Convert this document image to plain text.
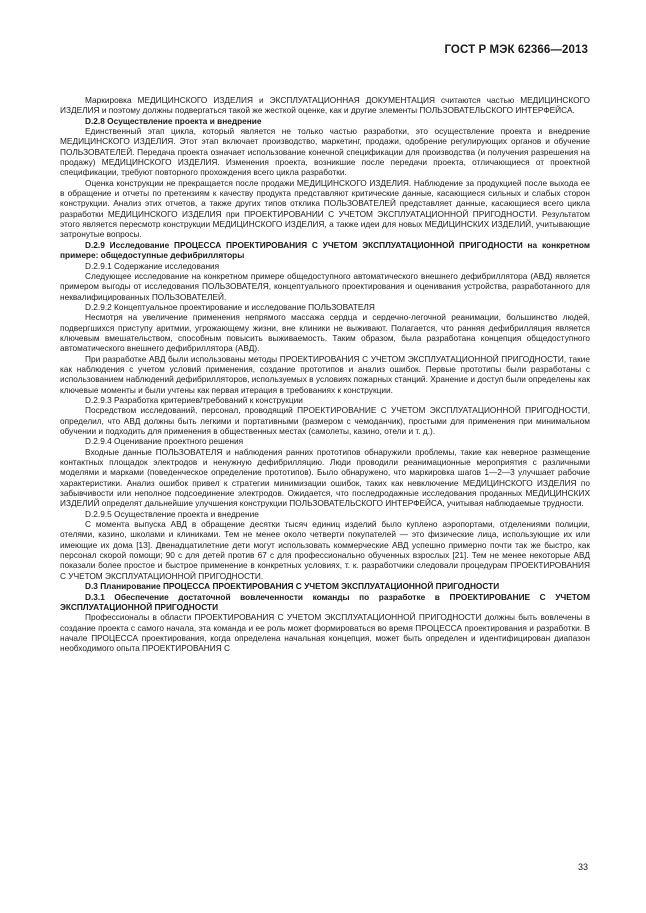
ГОСТ Р МЭК 62366—2013

Маркировка МЕДИЦИНСКОГО ИЗДЕЛИЯ и ЭКСПЛУАТАЦИОННАЯ ДОКУМЕНТАЦИЯ считаются частью МЕДИЦИНСКОГО ИЗДЕЛИЯ и поэтому должны подвергаться такой же жесткой оценке, как и другие элементы ПОЛЬЗОВАТЕЛЬСКОГО ИНТЕРФЕЙСА.

D.2.8 Осуществление проекта и внедрение

Единственный этап цикла, который является не только частью разработки, это осуществление проекта и внедрение МЕДИЦИНСКОГО ИЗДЕЛИЯ. Этот этап включает производство, маркетинг, продажи, одобрение регулирующих органов и обучение ПОЛЬЗОВАТЕЛЕЙ. Передача проекта означает использование конечной спецификации для производства (и получения разрешения на продажу) МЕДИЦИНСКОГО ИЗДЕЛИЯ. Изменения проекта, возникшие после передачи проекта, отличающиеся от проектной спецификации, требуют повторного прохождения всего цикла разработки.

Оценка конструкции не прекращается после продажи МЕДИЦИНСКОГО ИЗДЕЛИЯ. Наблюдение за продукцией после выхода ее в обращение и отчеты по претензиям к качеству продукта представляют критические данные, касающиеся сильных и слабых сторон конструкции. Анализ этих отчетов, а также других типов отклика ПОЛЬЗОВАТЕЛЕЙ представляет данные, касающиеся всего цикла разработки МЕДИЦИНСКОГО ИЗДЕЛИЯ при ПРОЕКТИРОВАНИИ С УЧЕТОМ ЭКСПЛУАТАЦИОННОЙ ПРИГОДНОСТИ. Результатом этого является пересмотр конструкции МЕДИЦИНСКОГО ИЗДЕЛИЯ, а также идеи для новых МЕДИЦИНСКИХ ИЗДЕЛИЙ, учитывающие затронутые вопросы.

D.2.9 Исследование ПРОЦЕССА ПРОЕКТИРОВАНИЯ С УЧЕТОМ ЭКСПЛУАТАЦИОННОЙ ПРИГОДНОСТИ на конкретном примере: общедоступные дефибрилляторы

D.2.9.1 Содержание исследования

Следующее исследование на конкретном примере общедоступного автоматического внешнего дефибриллятора (АВД) является примером выгоды от исследования ПОЛЬЗОВАТЕЛЯ, концептуального проектирования и оценивания устройства, разработанного для неквалифицированных ПОЛЬЗОВАТЕЛЕЙ.

D.2.9.2 Концептуальное проектирование и исследование ПОЛЬЗОВАТЕЛЯ

Несмотря на увеличение применения непрямого массажа сердца и сердечно-легочной реанимации, большинство людей, подвергшихся приступу аритмии, угрожающему жизни, вне клиники не выживают. Полагается, что ранняя дефибрилляция является ключевым вмешательством, способным повысить выживаемость. Таким образом, была разработана концепция общедоступного автоматического внешнего дефибриллятора (АВД).

При разработке АВД были использованы методы ПРОЕКТИРОВАНИЯ С УЧЕТОМ ЭКСПЛУАТАЦИОННОЙ ПРИГОДНОСТИ, такие как наблюдения с учетом условий применения, создание прототипов и анализ ошибок. Первые прототипы были разработаны с использованием наблюдений дефибрилляторов, используемых в условиях пожарных станций. Хранение и доступ были определены как ключевые моменты и были учтены как первая итерация в требованиях к конструкции.

D.2.9.3 Разработка критериев/требований к конструкции

Посредством исследований, персонал, проводящий ПРОЕКТИРОВАНИЕ С УЧЕТОМ ЭКСПЛУАТАЦИОННОЙ ПРИГОДНОСТИ, определил, что АВД должны быть легкими и портативными (размером с чемоданчик), простыми для применения при минимальном обучении и подходить для применения в общественных местах (самолеты, казино, отели и т. д.).

D.2.9.4 Оценивание проектного решения

Входные данные ПОЛЬЗОВАТЕЛЯ и наблюдения ранних прототипов обнаружили проблемы, такие как неверное размещение контактных площадок электродов и ненужную дефибрилляцию. Люди проводили реанимационные мероприятия с различными моделями и марками (поведенческое определение прототипов). Было обнаружено, что маркировка шагов 1—2—3 улучшает рабочие характеристики. Анализ ошибок привел к стратегии минимизации ошибок, таких как невключение МЕДИЦИНСКОГО ИЗДЕЛИЯ по забывчивости или неполное подсоединение электродов. Ожидается, что последродажные исследования проданных МЕДИЦИНСКИХ ИЗДЕЛИЙ определят дальнейшие улучшения конструкции ПОЛЬЗОВАТЕЛЬСКОГО ИНТЕРФЕЙСА, учитывая наблюдаемые трудности.

D.2.9.5 Осуществление проекта и внедрение

С момента выпуска АВД в обращение десятки тысяч единиц изделий было куплено аэропортами, отделениями полиции, отелями, казино, школами и клиниками. Тем не менее около четверти покупателей — это физические лица, использующие их или имеющие их дома [13]. Двенадцатилетние дети могут использовать коммерческие АВД успешно примерно почти так же быстро, как персонал скорой помощи; 90 с для детей против 67 с для профессионально обученных взрослых [21]. Тем не менее некоторые АВД показали более простое и быстрое применение в конкретных условиях, т. к. разработчики следовали процедурам ПРОЕКТИРОВАНИЯ С УЧЕТОМ ЭКСПЛУАТАЦИОННОЙ ПРИГОДНОСТИ.

D.3 Планирование ПРОЦЕССА ПРОЕКТИРОВАНИЯ С УЧЕТОМ ЭКСПЛУАТАЦИОННОЙ ПРИГОДНОСТИ

D.3.1 Обеспечение достаточной вовлеченности команды по разработке в ПРОЕКТИРОВАНИЕ С УЧЕТОМ ЭКСПЛУАТАЦИОННОЙ ПРИГОДНОСТИ

Профессионалы в области ПРОЕКТИРОВАНИЯ С УЧЕТОМ ЭКСПЛУАТАЦИОННОЙ ПРИГОДНОСТИ должны быть вовлечены в создание проекта с самого начала, эта команда и ее роль может формироваться во время ПРОЦЕССА проектирования и разработки. В начале ПРОЦЕССА проектирования, когда определена начальная концепция, может быть определен и идентифицирован диапазон необходимого опыта ПРОЕКТИРОВАНИЯ С

33
